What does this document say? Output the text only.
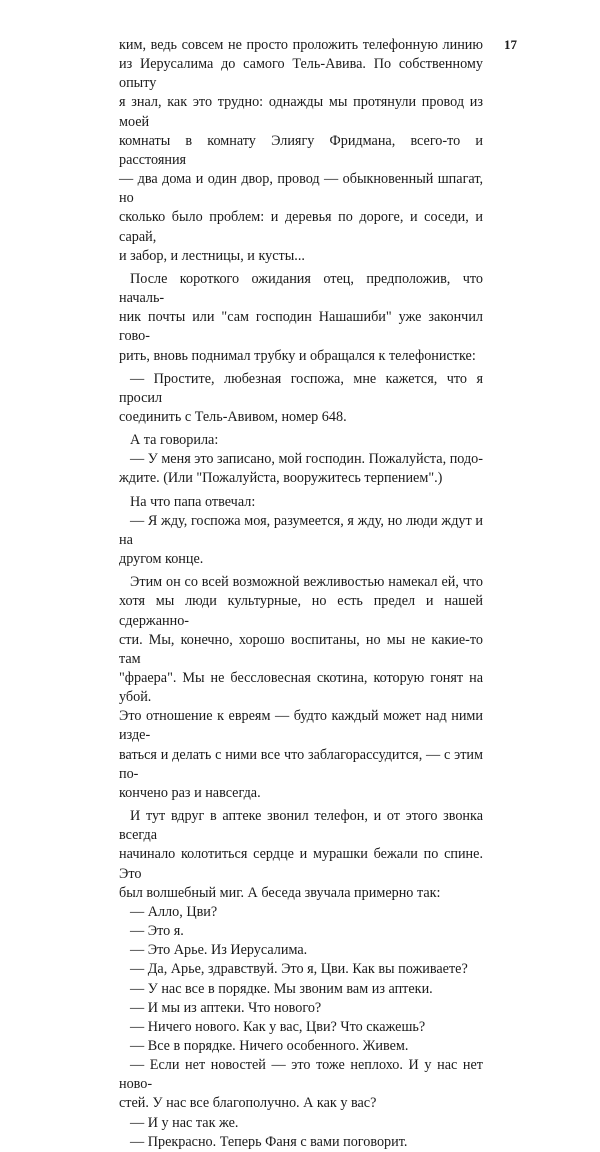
17

ким, ведь совсем не просто проложить телефонную линию

из Иерусалима до самого Тель-Авива. По собственному опыту

я знал, как это трудно: однажды мы протянули провод из моей

комнаты в комнату Элиягу Фридмана, всего-то и расстояния

— два дома и один двор, провод — обыкновенный шпагат, но

сколько было проблем: и деревья по дороге, и соседи, и сарай,

и забор, и лестницы, и кусты...

После короткого ожидания отец, предположив, что началь-

ник почты или "сам господин Нашашиби" уже закончил гово-

рить, вновь поднимал трубку и обращался к телефонистке:

— Простите, любезная госпожа, мне кажется, что я просил

соединить с Тель-Авивом, номер 648.

А та говорила:

— У меня это записано, мой господин. Пожалуйста, подо-

ждите. (Или "Пожалуйста, вооружитесь терпением".)

На что папа отвечал:

— Я жду, госпожа моя, разумеется, я жду, но люди ждут и на

другом конце.

Этим он со всей возможной вежливостью намекал ей, что

хотя мы люди культурные, но есть предел и нашей сдержанно-

сти. Мы, конечно, хорошо воспитаны, но мы не какие-то там

"фраера". Мы не бессловесная скотина, которую гонят на убой.

Это отношение к евреям — будто каждый может над ними изде-

ваться и делать с ними все что заблагорассудится, — с этим по-

кончено раз и навсегда.

И тут вдруг в аптеке звонил телефон, и от этого звонка всегда

начинало колотиться сердце и мурашки бежали по спине. Это

был волшебный миг. А беседа звучала примерно так:

— Алло, Цви?

— Это я.

— Это Арье. Из Иерусалима.

— Да, Арье, здравствуй. Это я, Цви. Как вы поживаете?

— У нас все в порядке. Мы звоним вам из аптеки.

— И мы из аптеки. Что нового?

— Ничего нового. Как у вас, Цви? Что скажешь?

— Все в порядке. Ничего особенного. Живем.

— Если нет новостей — это тоже неплохо. И у нас нет ново-

стей. У нас все благополучно. А как у вас?

— И у нас так же.

— Прекрасно. Теперь Фаня с вами поговорит.
